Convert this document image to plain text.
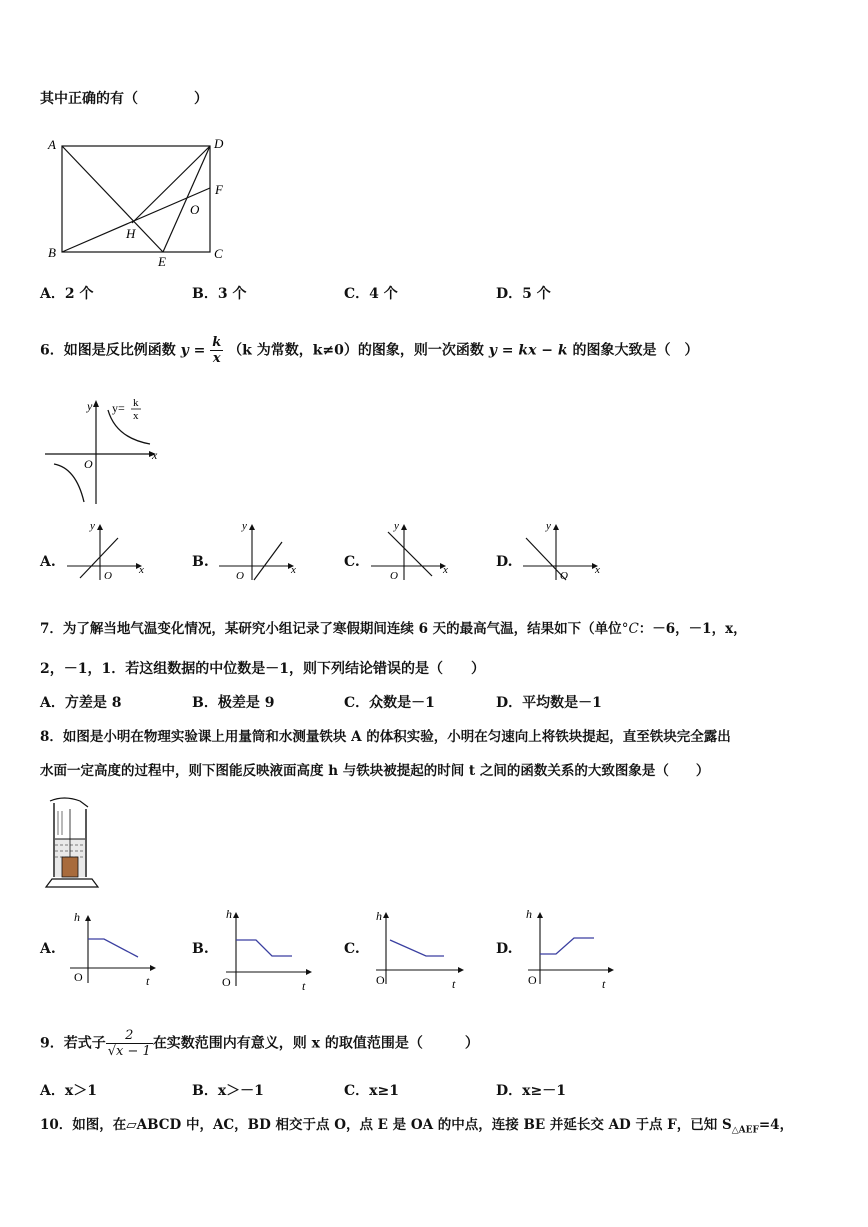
其中正确的有（　　　　）
A	D
B	C
E
F
H
O
A．2 个	B．3 个	C．4 个	D．5 个
6．如图是反比例函数 $y = \frac{k}{x} (k$ 为常数，k≠0）的图象，则一次函数 y = kx − k 的图象大致是（　）
y
x
O
y= k
x
A.
y
x
O
B.
y
x
O
C.
y
x
O
D.
y
x
O
7．为了解当地气温变化情况，某研究小组记录了寒假期间连续 6 天的最高气温，结果如下（单位°C：－6，－1，x，
2，－1，1．若这组数据的中位数是－1，则下列结论错误的是（　　）
A．方差是 8	B．极差是 9	C．众数是－1	D．平均数是－1
8．如图是小明在物理实验课上用量筒和水测量铁块 A 的体积实验，小明在匀速向上将铁块提起，直至铁块完全露出
水面一定高度的过程中，则下图能反映液面高度 h 与铁块被提起的时间 t 之间的函数关系的大致图象是（　　）
A.
h
t
O
B.
h
t
O
C.
h
t
O
D.
h
t
O
9．若式子 $\frac{2}{√x - 1}$ 在实数范围内有意义，则 x 的取值范围是（　　　）
A．x＞1	B．x＞－1	C．x≥1	D．x≥－1
10．如图，在▱ABCD 中，AC，BD 相交于点 O，点 E 是 OA 的中点，连接 BE 并延长交 AD 于点 F，已知 $S_{\triangle AEF}=4$，
